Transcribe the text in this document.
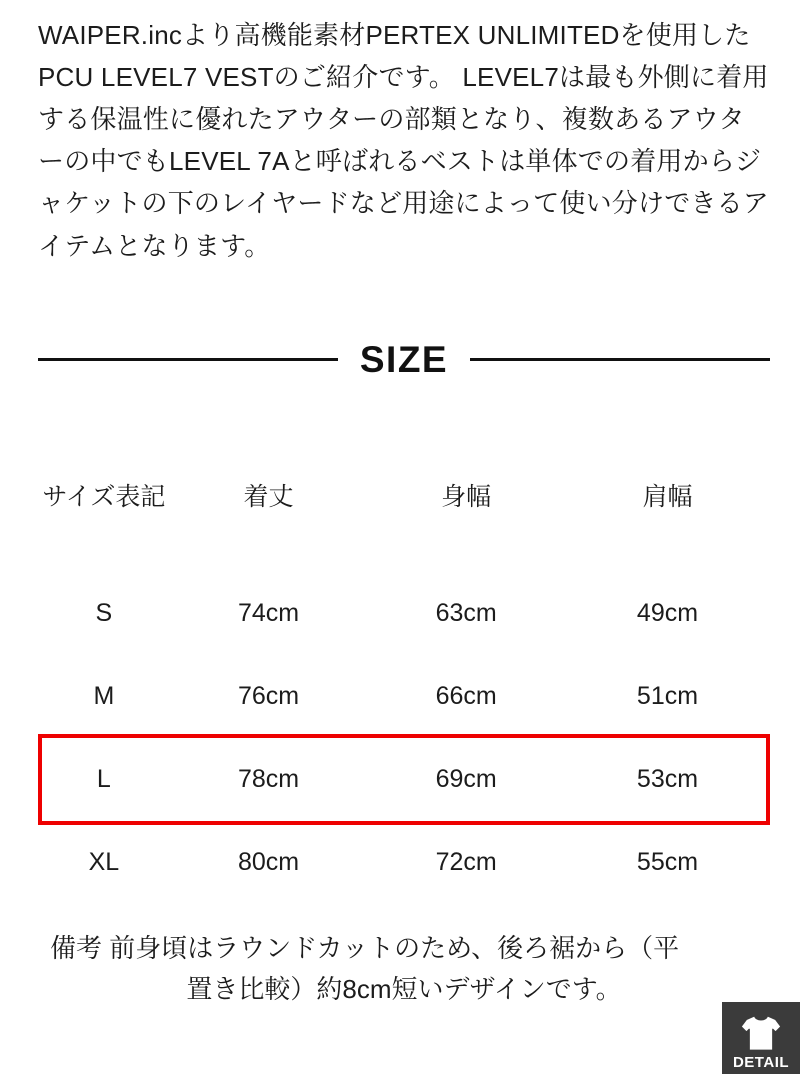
WAIPER.incより高機能素材PERTEX UNLIMITEDを使用したPCU LEVEL7 VESTのご紹介です。 LEVEL7は最も外側に着用する保温性に優れたアウターの部類となり、複数あるアウターの中でもLEVEL 7Aと呼ばれるベストは単体での着用からジャケットの下のレイヤードなど用途によって使い分けできるアイテムとなります。

SIZE
サイズ表記	着丈	身幅	肩幅
S	74cm	63cm	49cm
M	76cm	66cm	51cm
L	78cm	69cm	53cm
XL	80cm	72cm	55cm
備考 前身頃はラウンドカットのため、後ろ裾から（平
置き比較）約8cm短いデザインです。
DETAIL
